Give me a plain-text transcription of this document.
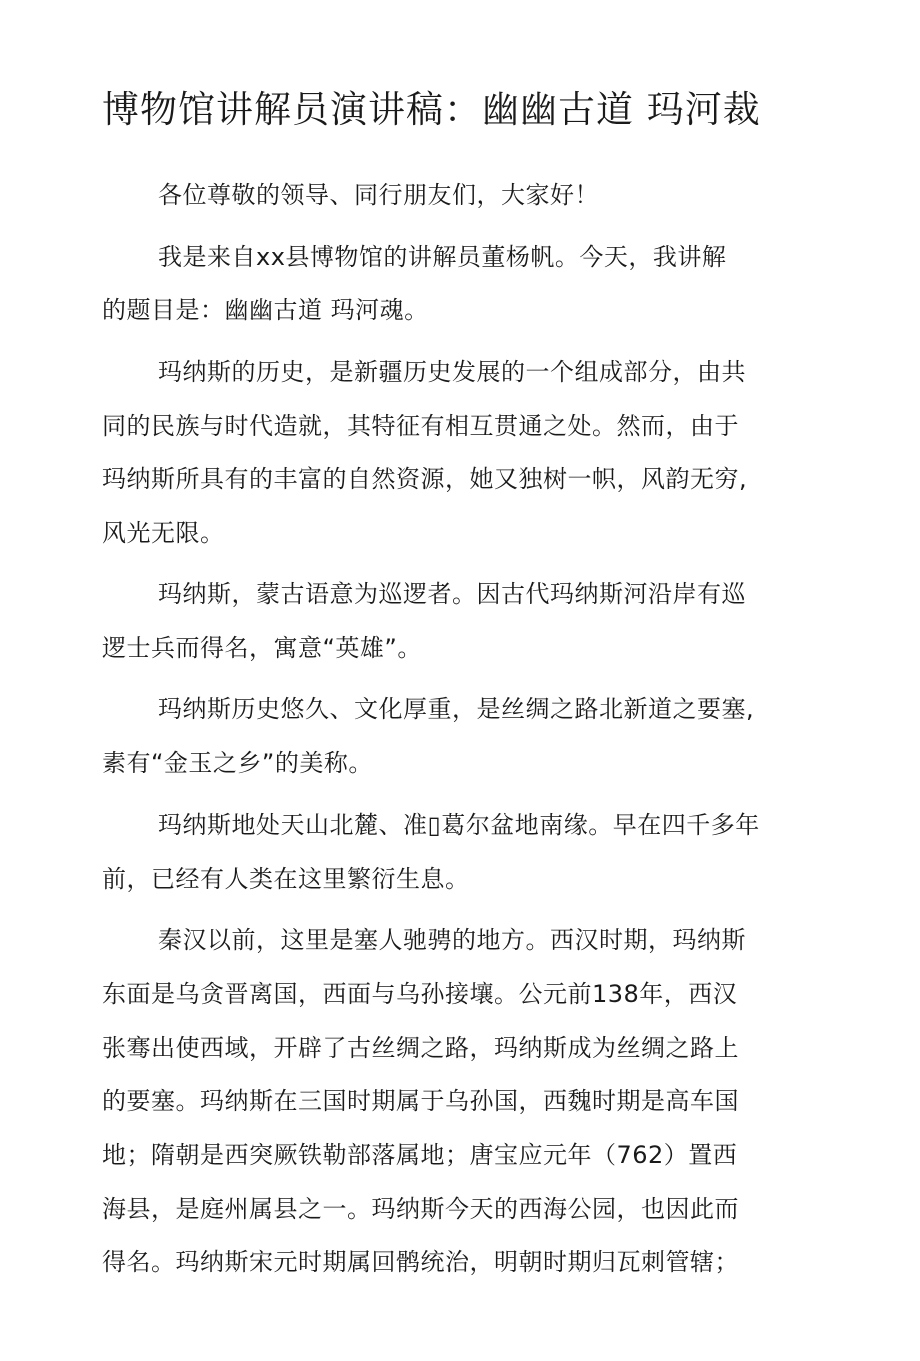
博物馆讲解员演讲稿：幽幽古道 玛河裁
各位尊敬的领导、同行朋友们，大家好！
我是来自xx县博物馆的讲解员董杨帆。今天，我讲解
的题目是：幽幽古道 玛河魂。
玛纳斯的历史，是新疆历史发展的一个组成部分，由共
同的民族与时代造就，其特征有相互贯通之处。然而，由于
玛纳斯所具有的丰富的自然资源，她又独树一帜，风韵无穷,
风光无限。
玛纳斯，蒙古语意为巡逻者。因古代玛纳斯河沿岸有巡
逻士兵而得名，寓意“英雄”。
玛纳斯历史悠久、文化厚重，是丝绸之路北新道之要塞,
素有“金玉之乡”的美称。
玛纳斯地处天山北麓、准▯葛尔盆地南缘。早在四千多年
前，已经有人类在这里繁衍生息。
秦汉以前，这里是塞人驰骋的地方。西汉时期，玛纳斯
东面是乌贪晋离国，西面与乌孙接壤。公元前138年，西汉
张骞出使西域，开辟了古丝绸之路，玛纳斯成为丝绸之路上
的要塞。玛纳斯在三国时期属于乌孙国，西魏时期是高车国
地；隋朝是西突厥铁勒部落属地；唐宝应元年（762）置西
海县，是庭州属县之一。玛纳斯今天的西海公园，也因此而
得名。玛纳斯宋元时期属回鹘统治，明朝时期归瓦刺管辖；
